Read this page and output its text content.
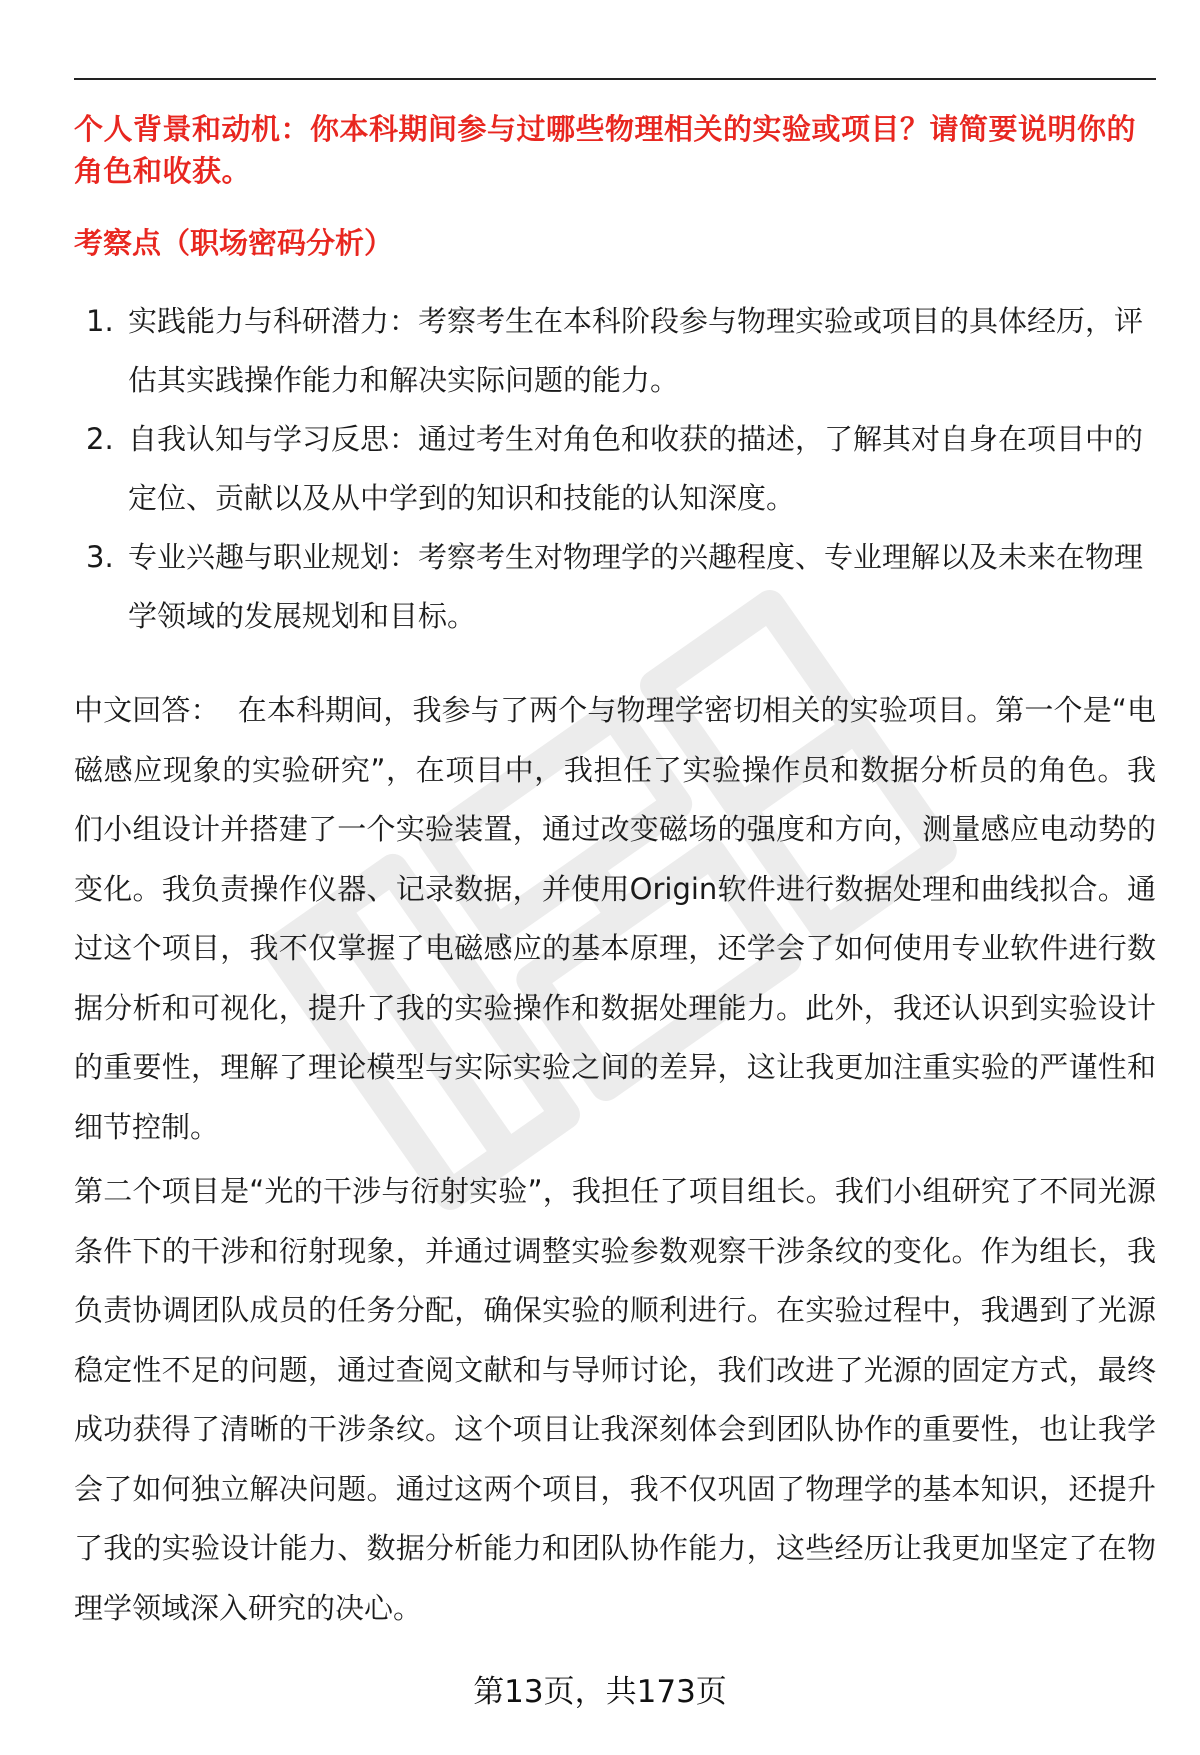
个人背景和动机：你本科期间参与过哪些物理相关的实验或项目？请简要说明你的角色和收获。
考察点（职场密码分析）
1. 实践能力与科研潜力：考察考生在本科阶段参与物理实验或项目的具体经历，评估其实践操作能力和解决实际问题的能力。
2. 自我认知与学习反思：通过考生对角色和收获的描述，了解其对自身在项目中的定位、贡献以及从中学到的知识和技能的认知深度。
3. 专业兴趣与职业规划：考察考生对物理学的兴趣程度、专业理解以及未来在物理学领域的发展规划和目标。

中文回答： 在本科期间，我参与了两个与物理学密切相关的实验项目。第一个是“电磁感应现象的实验研究”，在项目中，我担任了实验操作员和数据分析员的角色。我们小组设计并搭建了一个实验装置，通过改变磁场的强度和方向，测量感应电动势的变化。我负责操作仪器、记录数据，并使用Origin软件进行数据处理和曲线拟合。通过这个项目，我不仅掌握了电磁感应的基本原理，还学会了如何使用专业软件进行数据分析和可视化，提升了我的实验操作和数据处理能力。此外，我还认识到实验设计的重要性，理解了理论模型与实际实验之间的差异，这让我更加注重实验的严谨性和细节控制。

第二个项目是“光的干涉与衍射实验”，我担任了项目组长。我们小组研究了不同光源条件下的干涉和衍射现象，并通过调整实验参数观察干涉条纹的变化。作为组长，我负责协调团队成员的任务分配，确保实验的顺利进行。在实验过程中，我遇到了光源稳定性不足的问题，通过查阅文献和与导师讨论，我们改进了光源的固定方式，最终成功获得了清晰的干涉条纹。这个项目让我深刻体会到团队协作的重要性，也让我学会了如何独立解决问题。通过这两个项目，我不仅巩固了物理学的基本知识，还提升了我的实验设计能力、数据分析能力和团队协作能力，这些经历让我更加坚定了在物理学领域深入研究的决心。

第13页，共173页
